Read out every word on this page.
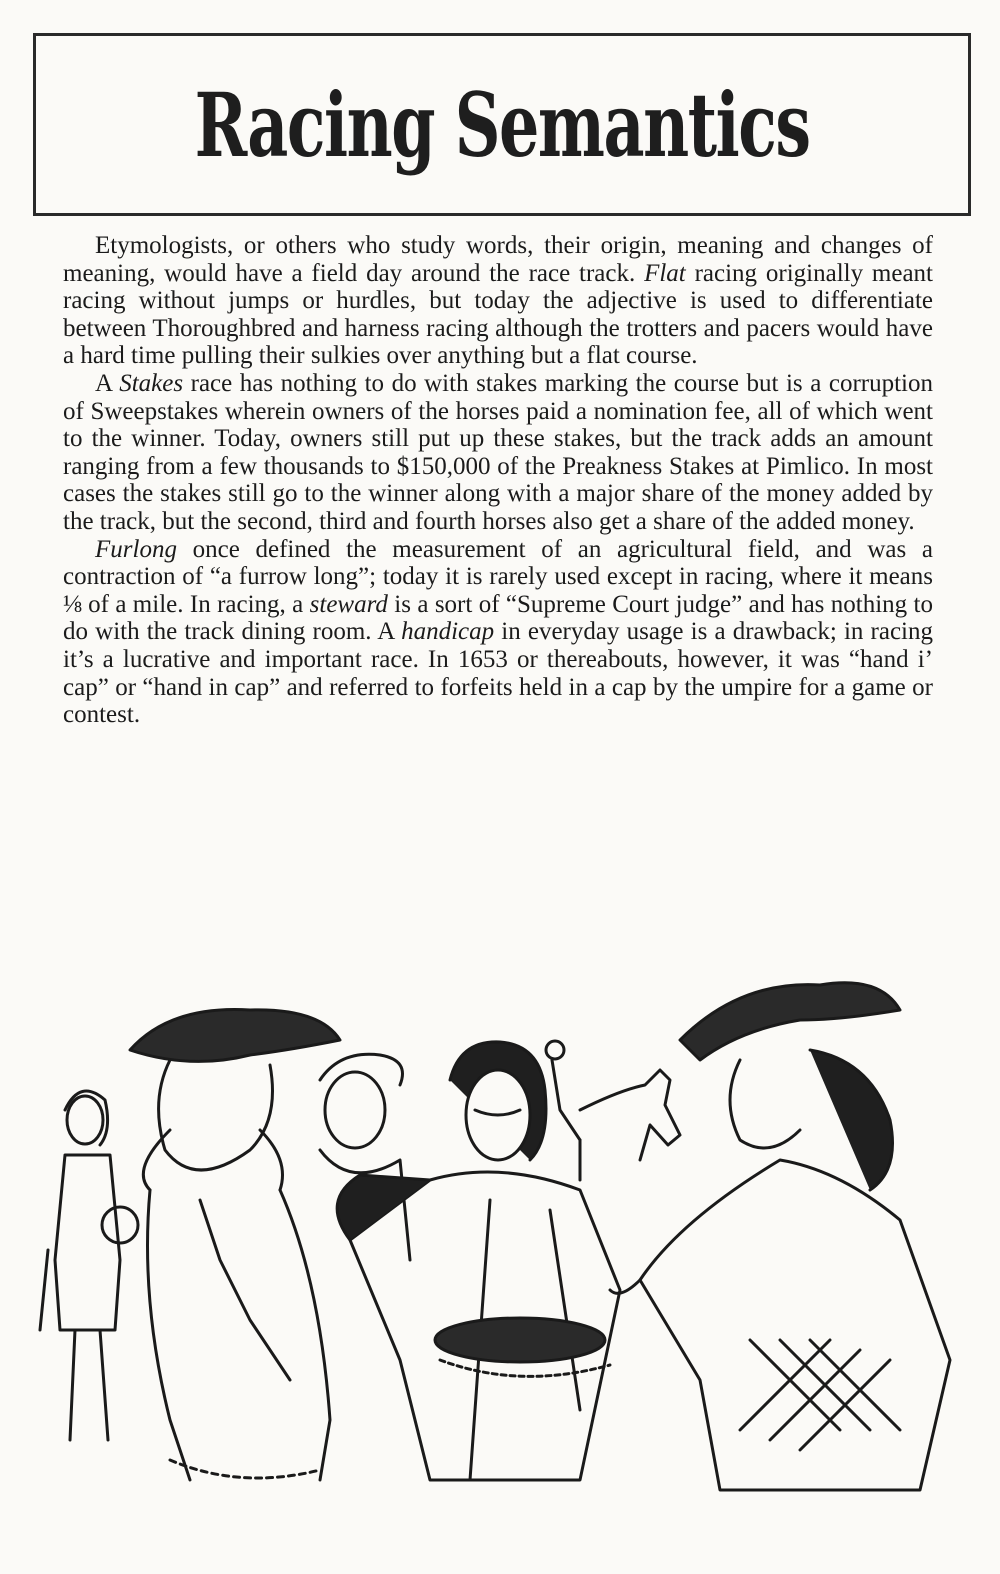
Racing Semantics

Etymologists, or others who study words, their origin, meaning and changes of meaning, would have a field day around the race track. Flat racing originally meant racing without jumps or hurdles, but today the adjective is used to differentiate between Thoroughbred and harness racing although the trotters and pacers would have a hard time pulling their sulkies over anything but a flat course.

A Stakes race has nothing to do with stakes marking the course but is a corruption of Sweepstakes wherein owners of the horses paid a nomination fee, all of which went to the winner. Today, owners still put up these stakes, but the track adds an amount ranging from a few thousands to $150,000 of the Preakness Stakes at Pimlico. In most cases the stakes still go to the winner along with a major share of the money added by the track, but the second, third and fourth horses also get a share of the added money.

Furlong once defined the measurement of an agricultural field, and was a contraction of “a furrow long”; today it is rarely used except in racing, where it means ⅛ of a mile. In racing, a steward is a sort of “Supreme Court judge” and has nothing to do with the track dining room. A handicap in everyday usage is a drawback; in racing it’s a lucrative and important race. In 1653 or thereabouts, however, it was “hand i’ cap” or “hand in cap” and referred to forfeits held in a cap by the umpire for a game or contest.
